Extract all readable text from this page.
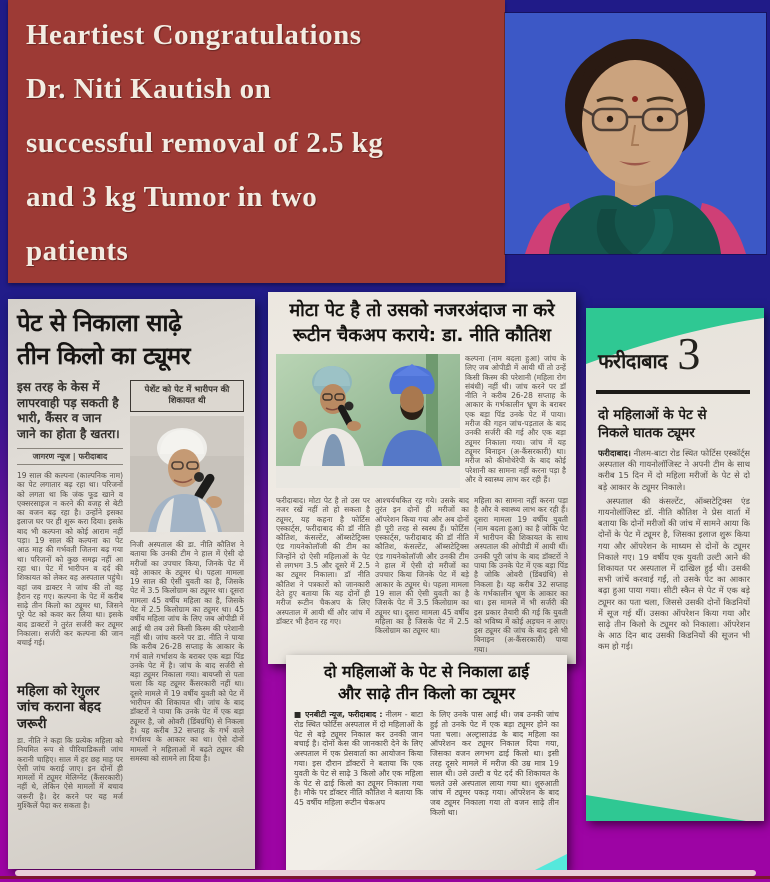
Heartiest Congratulations
Dr. Niti Kautish on
successful removal of 2.5 kg
and 3 kg Tumor in two
patients
पेट से निकाला साढ़े
तीन किलो का ट्यूमर
इस तरह के केस में लापरवाही पड़ सकती है भारी, कैंसर व जान जाने का होता है खतरा।
जागरण न्यूज | फरीदाबाद
19 साल की कल्पना (काल्पनिक नाम) का पेट लगातार बढ़ रहा था। परिजनों को लगता था कि जंक फूड खाने व एक्सरसाइज न करने की वजह से बेटी का वजन बढ़ रहा है। उन्होंने इसका इलाज घर पर ही शुरू करा दिया। इसके बाद भी कल्पना को कोई आराम नहीं पड़ा। 19 साल की कल्पना का पेट आठ माह की गर्भवती जितना बढ़ गया था। परिजनों को कुछ समझ नहीं आ रहा था। पेट में भारीपन व दर्द की शिकायत को लेकर वह अस्पताल पहुंचे। वहां जब डाक्टर ने जांच की तो वह हैरान रह गए। कल्पना के पेट में करीब साढ़े तीन किलो का ट्यूमर था, जिसने पूरे पेट को कवर कर लिया था। इसके बाद डाक्टरों ने तुरंत सर्जरी कर ट्यूमर निकाला। सर्जरी कर कल्पना की जान बचाई गई।
महिला को रेगुलर जांच कराना बेहद जरूरी
डा. नीति ने कहा कि प्रत्येक महिला को नियमित रूप से पीरियाडिकली जांच करानी चाहिए। साल में हर छह माह पर ऐसी जांच कराई जाए। इन दोनों ही मामलों में ट्यूमर मेलिग्नेंट (कैंसरकारी) नहीं थे, लेकिन ऐसे मामलों में बचाव जरूरी है। देर करने पर यह मर्ज मुश्किलें पैदा कर सकता है।
पेशेंट को पेट में भारीपन की शिकायत थी
निजी अस्पताल की डा. नीति कौतिश ने बताया कि उनकी टीम ने हाल में ऐसी दो मरीजों का उपचार किया, जिनके पेट में बड़े आकार के ट्यूमर थे। पहला मामला 19 साल की ऐसी युवती का है, जिसके पेट में 3.5 किलोग्राम का ट्यूमर था। दूसरा मामला 45 वर्षीय महिला का है, जिसके पेट में 2.5 किलोग्राम का ट्यूमर था। 45 वर्षीय महिला जांच के लिए जब ओपीडी में आई थी तब उसे किसी किस्म की परेशानी नहीं थी। जांच करने पर डा. नीति ने पाया कि करीब 26-28 सप्ताह के आकार के गर्भ वाले गर्भाशय के बराबर एक बड़ा पिंड उनके पेट में है। जांच के बाद सर्जरी से बड़ा ट्यूमर निकाला गया। बायप्सी से पता चला कि यह ट्यूमर कैंसरकारी नहीं था। दूसरे मामले में 19 वर्षीय युवती को पेट में भारीपन की शिकायत थी। जांच के बाद डॉक्टरों ने पाया कि उनके पेट में एक बड़ा ट्यूमर है, जो ओवरी (डिंबग्रंथि) से निकला है। यह करीब 32 सप्ताह के गर्भ वाले गर्भाशय के आकार का था। ऐसे दोनों मामलों ने महिलाओं में बढ़ते ट्यूमर की समस्या को सामने ला दिया है।
मोटा पेट है तो उसको नजरअंदाज ना करे
रूटीन चैकअप कराये: डा. नीति कौतिश
कल्पना (नाम बदला हुआ) जांच के लिए जब ओपीडी में आयी थीं तो उन्हें किसी किस्म की परेशानी (महिला रोग संबंधी) नहीं थी। जांच करने पर डॉ नीति ने करीब 26-28 सप्ताह के आकार के गर्भकालीन भ्रूण के बराबर एक बड़ा पिंड उनके पेट में पाया। मरीज की गहन जांच-पड़ताल के बाद उनकी सर्जरी की गई और एक बड़ा ट्यूमर निकाला गया। जांच में यह ट्यूमर बिनाइन (अ-कैंसरकारी) था। मरीज को कीमोथेरेपी के बाद कोई परेशानी का सामना नहीं करना पड़ा है और वे स्वास्थ्य लाभ कर रही हैं।
फरीदाबाद। मोटा पेट है तो उस पर नजर रखें नहीं तो हो सकता है ट्यूमर, यह कहना है फोर्टिस एस्कार्ट्स, फरीदाबाद की डॉ नीति कौतिश, कंसल्टेंट, ऑब्सटेट्रिक्स एंड गायनेकोलॉजी की टीम का जिन्होंने दो ऐसी महिलाओं के पेट से लगभग 3.5 और दूसरे में 2.5 का ट्यूमर निकाला। डॉ नीति कौतिश ने पत्रकारों को जानकारी देते हुए बताया कि यह दोनों ही मरीज रूटीन चैकअप के लिए अस्पताल में आयी थीं और जांच में डॉक्टर भी हैरान रह गए।
आश्चर्यचकित रह गये। उसके बाद तुरंत इन दोनों ही मरीजों का ऑपरेशन किया गया और अब दोनों ही पूरी तरह से स्वस्थ हैं। फोर्टिस एस्कार्ट्स, फरीदाबाद की डॉ नीति कौतिश, कंसल्टेंट, ऑब्सटेट्रिक्स एंड गायनेकोलॉजी और उनकी टीम ने हाल में ऐसी दो मरीजों का उपचार किया जिनके पेट में बड़े आकार के ट्यूमर थे। पहला मामला 19 साल की ऐसी युवती का है जिसके पेट में 3.5 किलोग्राम का ट्यूमर था। दूसरा मामला 45 वर्षीय महिला का है जिसके पेट में 2.5 किलोग्राम का ट्यूमर था।
महिला का सामना नहीं करना पड़ा है और वे स्वास्थ्य लाभ कर रही हैं। दूसरा मामला 19 वर्षीय युवती (नाम बदला हुआ) का है जोकि पेट में भारीपन की शिकायत के साथ अस्पताल की ओपीडी में आयी थीं। उनकी पूरी जांच के बाद डॉक्टरों ने पाया कि उनके पेट में एक बड़ा पिंड है जोकि ओवरी (डिंबग्रंथि) से निकला है। यह करीब 32 सप्ताह के गर्भकालीन भ्रूण के आकार का था। इस मामले में भी सर्जरी की इस प्रकार तैयारी की गई कि युवती को भविष्य में कोई अड़चन न आए। इस ट्यूमर की जांच के बाद इसे भी बिनाइन (अ-कैंसरकारी) पाया गया।
फरीदाबाद 3
दो महिलाओं के पेट से
निकले घातक ट्यूमर

फरीदाबाद। नीलम-बाटा रोड स्थित फोर्टिस एस्कॉर्ट्स अस्पताल की गायनोलॉजिस्ट ने अपनी टीम के साथ करीब 15 दिन में दो महिला मरीजों के पेट से दो बड़े आकार के ट्यूमर निकाले।

अस्पताल की कंसल्टेंट, ऑब्सटेट्रिक्स एंड गायनोलॉजिस्ट डॉ. नीति कौतिश ने प्रेस वार्ता में बताया कि दोनों मरीजों की जांच में सामने आया कि दोनों के पेट में ट्यूमर है, जिसका इलाज शुरू किया गया और ऑपरेशन के माध्यम से दोनों के ट्यूमर निकाले गए। 19 वर्षीय एक युवती उल्टी आने की शिकायत पर अस्पताल में दाखिल हुई थी। उसकी सभी जांचें करवाई गईं, तो उसके पेट का आकार बढ़ा हुआ पाया गया। सीटी स्कैन से पेट में एक बड़े ट्यूमर का पता चला, जिससे उसकी दोनों किडनियों में सूज गई थीं। उसका ऑपरेशन किया गया और साढ़े तीन किलो के ट्यूमर को निकाला। ऑपरेशन के आठ दिन बाद उसकी किडनियों की सूजन भी कम हो गई।

दो महिलाओं के पेट से निकाला ढाई
और साढ़े तीन किलो का ट्यूमर
■ एनबीटी न्यूज, फरीदाबाद : नीलम - बाटा रोड स्थित फोर्टिस अस्पताल में दो महिलाओं के पेट से बड़े ट्यूमर निकाल कर उनकी जान बचाई है। दोनों केस की जानकारी देने के लिए अस्पताल में एक प्रेसवार्ता का आयोजन किया गया। इस दौरान डॉक्टरों ने बताया कि एक युवती के पेट से साढ़े 3 किलो और एक महिला के पेट से ढाई किलो का ट्यूमर निकाला गया है। मौके पर डॉक्टर नीति कौतिश ने बताया कि 45 वर्षीय महिला रूटीन चेकअप
के लिए उनके पास आई थी। जब उनकी जांच हुई तो उनके पेट में एक बड़ा ट्यूमर होने का पता चला। अल्ट्रासाउंड के बाद महिला का ऑपरेशन कर ट्यूमर निकाल दिया गया, जिसका वजन लगभग ढाई किलो था। इसी तरह दूसरे मामले में मरीज की उम्र मात्र 19 साल थी। उसे उल्टी व पेट दर्द की शिकायत के चलते उसे अस्पताल लाया गया था। शुरुआती जांच में ट्यूमर पकड़ गया। ऑपरेशन के बाद जब ट्यूमर निकाला गया तो वजन साढ़े तीन किलो था।
